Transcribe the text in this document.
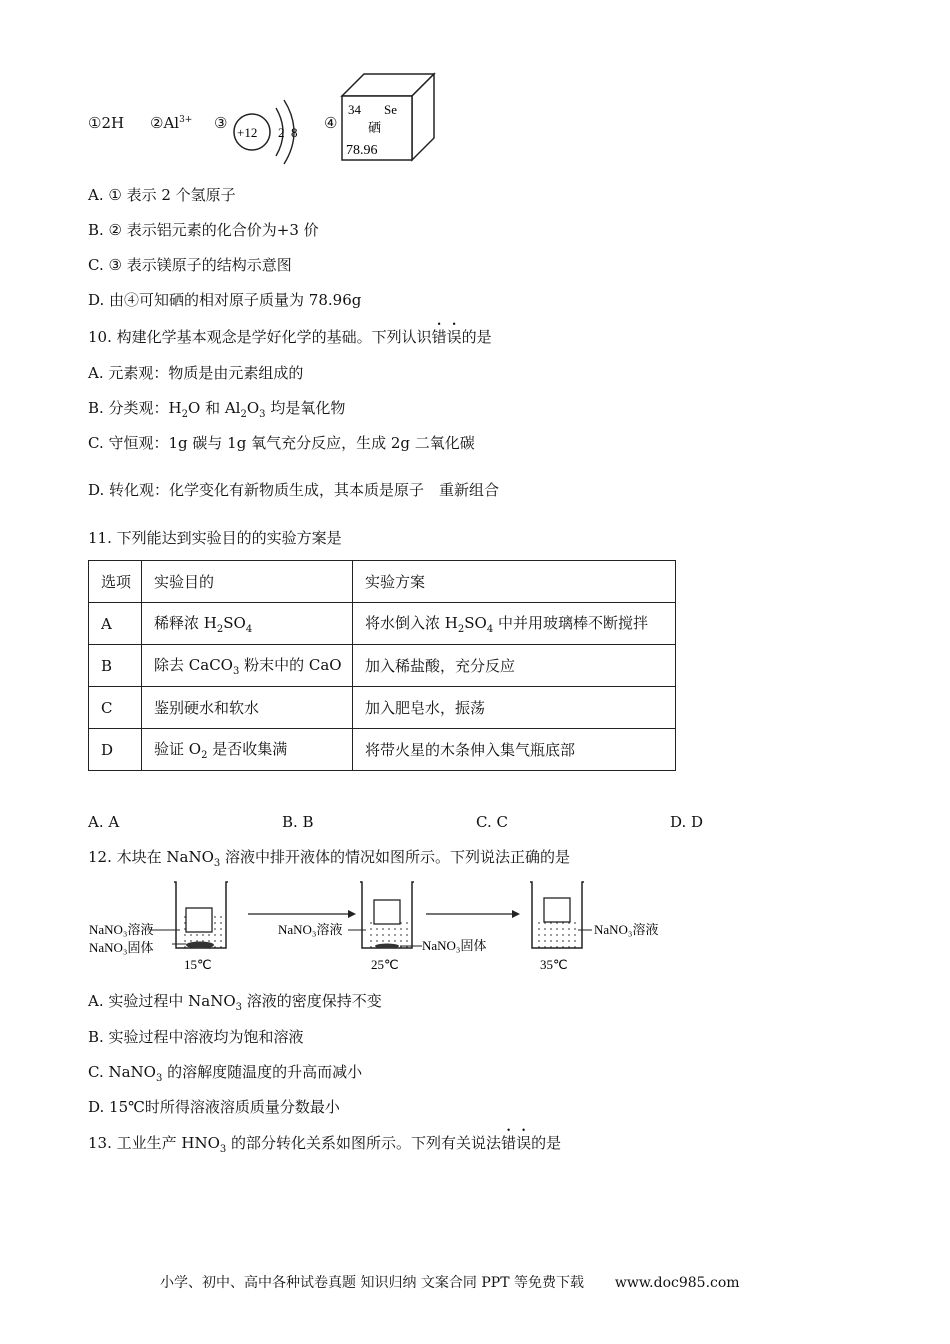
①2H $②Al^{3+}$ ③
+12 2 8
④
34 Se
硒
78.96
A. ① 表示 2 个氢原子
B. ② 表示铝元素的化合价为+3 价
C. ③ 表示镁原子的结构示意图
D. 由④可知硒的相对原子质量为 78.96g
10. 构建化学基本观念是学好化学的基础。下列认识错误的是
A. 元素观：物质是由元素组成的
B. 分类观：$H_2O$ 和 $Al_2O_3$ 均是氧化物
C. 守恒观：1g 碳与 1g 氧气充分反应，生成 2g 二氧化碳
D. 转化观：化学变化有新物质生成，其本质是原子　重新组合
11. 下列能达到实验目的的实验方案是
选项	实验目的	实验方案
A	稀释浓 $H_2SO_4$	将水倒入浓 $H_2SO_4$ 中并用玻璃棒不断搅拌
B	除去 CaCO$_3$ 粉末中的 CaO	加入稀盐酸，充分反应
C	鉴别硬水和软水	加入肥皂水，振荡
D	验证 $O_2$ 是否收集满	将带火星的木条伸入集气瓶底部
A. A	B. B	C. C	D. D
12. 木块在 NaNO$_3$ 溶液中排开液体的情况如图所示。下列说法正确的是
NaNO₃溶液
NaNO₃固体
15℃
NaNO₃溶液
NaNO₃固体
25℃
NaNO₃溶液
35℃
A. 实验过程中 NaNO$_3$ 溶液的密度保持不变
B. 实验过程中溶液均为饱和溶液
C. NaNO$_3$ 的溶解度随温度的升高而减小
D. 15℃时所得溶液溶质质量分数最小
13. 工业生产 $HNO_3$ 的部分转化关系如图所示。下列有关说法错误的是
小学、初中、高中各种试卷真题 知识归纳 文案合同 PPT 等免费下载 www.doc985.com
